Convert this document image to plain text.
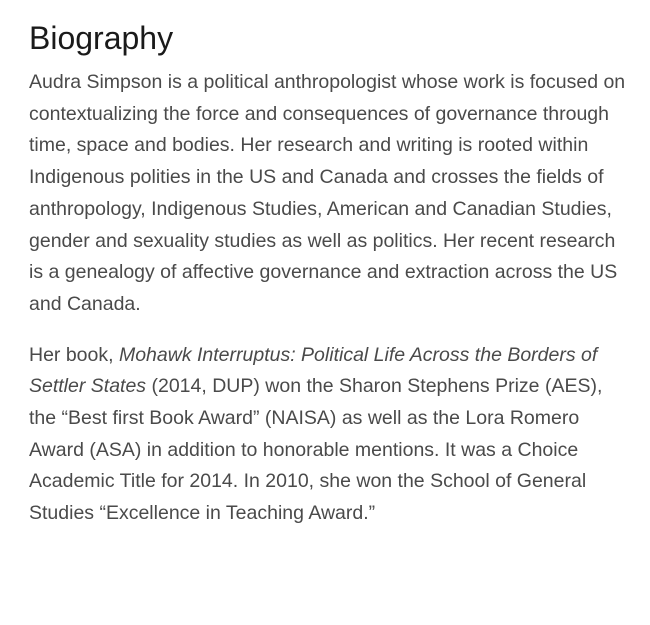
Biography

Audra Simpson is a political anthropologist whose work is focused on contextualizing the force and consequences of governance through time, space and bodies. Her research and writing is rooted within Indigenous polities in the US and Canada and crosses the fields of anthropology, Indigenous Studies, American and Canadian Studies, gender and sexuality studies as well as politics. Her recent research is a genealogy of affective governance and extraction across the US and Canada.

Her book, Mohawk Interruptus: Political Life Across the Borders of Settler States (2014, DUP) won the Sharon Stephens Prize (AES), the “Best first Book Award” (NAISA) as well as the Lora Romero Award (ASA) in addition to honorable mentions. It was a Choice Academic Title for 2014. In 2010, she won the School of General Studies “Excellence in Teaching Award.”
